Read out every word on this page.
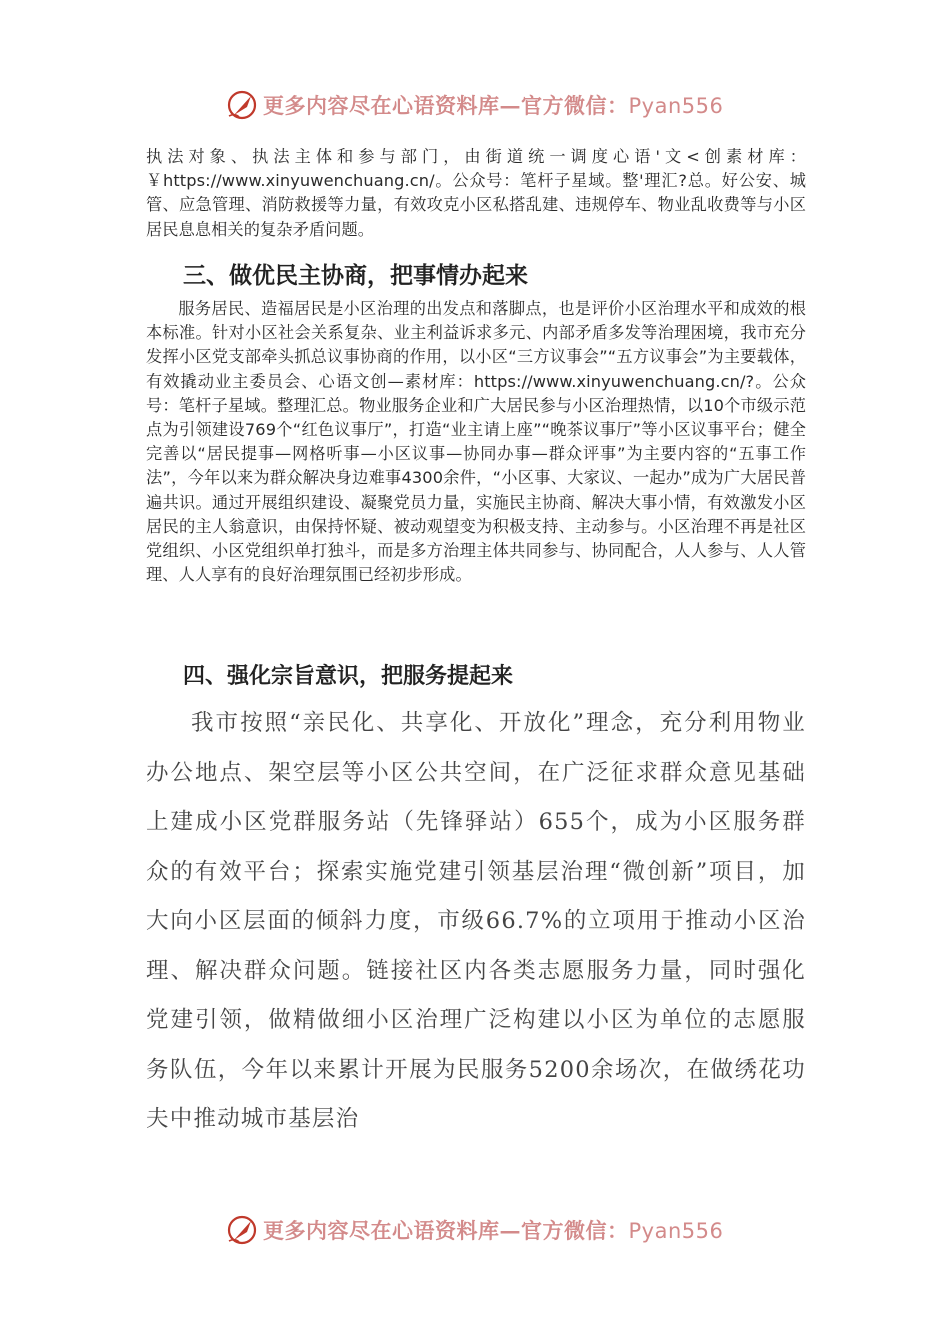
更多内容尽在心语资料库—官方微信：Pyan556

执法对象、执法主体和参与部门，由街道统一调度心语'文<创素材库：￥https://www.xinyuwenchuang.cn/。公众号：笔杆子星域。整'理汇?总。好公安、城管、应急管理、消防救援等力量，有效攻克小区私搭乱建、违规停车、物业乱收费等与小区居民息息相关的复杂矛盾问题。

三、做优民主协商，把事情办起来

服务居民、造福居民是小区治理的出发点和落脚点，也是评价小区治理水平和成效的根本标准。针对小区社会关系复杂、业主利益诉求多元、内部矛盾多发等治理困境，我市充分发挥小区党支部牵头抓总议事协商的作用，以小区“三方议事会”“五方议事会”为主要载体，有效撬动业主委员会、心语文创—素材库：https://www.xinyuwenchuang.cn/?。公众号：笔杆子星域。整理汇总。物业服务企业和广大居民参与小区治理热情，以10个市级示范点为引领建设769个“红色议事厅”，打造“业主请上座”“晚茶议事厅”等小区议事平台；健全完善以“居民提事—网格听事—小区议事—协同办事—群众评事”为主要内容的“五事工作法”，今年以来为群众解决身边难事4300余件，“小区事、大家议、一起办”成为广大居民普遍共识。通过开展组织建设、凝聚党员力量，实施民主协商、解决大事小情，有效激发小区居民的主人翁意识，由保持怀疑、被动观望变为积极支持、主动参与。小区治理不再是社区党组织、小区党组织单打独斗，而是多方治理主体共同参与、协同配合，人人参与、人人管理、人人享有的良好治理氛围已经初步形成。

四、强化宗旨意识，把服务提起来

我市按照“亲民化、共享化、开放化”理念，充分利用物业办公地点、架空层等小区公共空间，在广泛征求群众意见基础上建成小区党群服务站（先锋驿站）655个，成为小区服务群众的有效平台；探索实施党建引领基层治理“微创新”项目，加大向小区层面的倾斜力度，市级66.7%的立项用于推动小区治理、解决群众问题。链接社区内各类志愿服务力量，同时强化党建引领，做精做细小区治理广泛构建以小区为单位的志愿服务队伍，今年以来累计开展为民服务5200余场次，在做绣花功夫中推动城市基层治

更多内容尽在心语资料库—官方微信：Pyan556
